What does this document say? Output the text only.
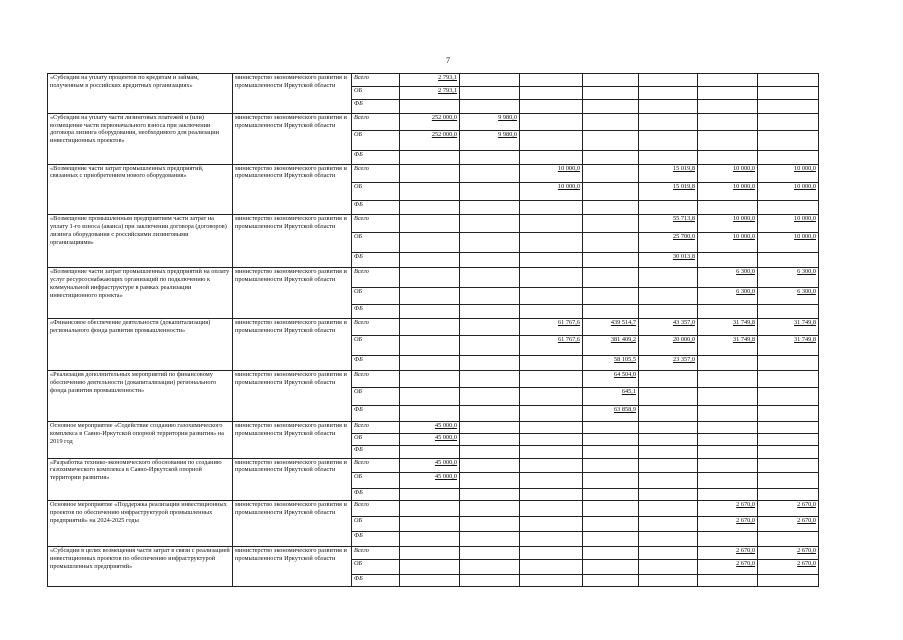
7
«Субсидии на уплату процентов по кредитам и займам, полученным в российских кредитных организациях»	министерство экономического развития и промышленности Иркутской области	Всего	2 793,1						
		ОБ	2 793,1						
		ФБ							
«Субсидии на уплату части лизинговых платежей и (или) возмещение части первоначального взноса при заключении договора лизинга оборудования, необходимого для реализации инвестиционных проектов»	министерство экономического развития и промышленности Иркутской области	Всего	252 000,0	9 980,0					
		ОБ	252 000,0	9 980,0					
		ФБ							
«Возмещение части затрат промышленных предприятий, связанных с приобретением нового оборудования»	министерство экономического развития и промышленности Иркутской области	Всего			10 000,0		15 019,8	10 000,0	10 000,0
		ОБ			10 000,0		15 019,8	10 000,0	10 000,0
		ФБ							
«Возмещение промышленным предприятиям части затрат на уплату 1-го взноса (аванса) при заключении договора (договоров) лизинга оборудования с российскими лизинговыми организациями»	министерство экономического развития и промышленности Иркутской области	Всего					55 713,8	10 000,0	10 000,0
		ОБ					25 700,0	10 000,0	10 000,0
		ФБ					30 013,8		
«Возмещение части затрат промышленных предприятий на оплату услуг ресурсоснабжающих организаций по подключению к коммунальной инфраструктуре в рамках реализации инвестиционного проекта»	министерство экономического развития и промышленности Иркутской области	Всего						6 300,0	6 300,0
		ОБ						6 300,0	6 300,0
		ФБ							
«Финансовое обеспечение деятельности (докапитализация) регионального фонда развития промышленности»	министерство экономического развития и промышленности Иркутской области	Всего			61 767,6	439 514,7	43 357,0	31 749,8	31 749,8
		ОБ			61 767,6	381 409,2	20 000,0	31 749,8	31 749,8
		ФБ				58 105,5	23 357,0		
«Реализация дополнительных мероприятий по финансовому обеспечению деятельности (докапитализации) регионального фонда развития промышленности»	министерство экономического развития и промышленности Иркутской области	Всего				64 504,0			
		ОБ				645,1			
		ФБ				63 858,9			
Основное мероприятие «Содействие созданию газохимического комплекса в Саяно-Иркутской опорной территории развития» на 2019 год	министерство экономического развития и промышленности Иркутской области	Всего	45 000,0						
		ОБ	45 000,0						
		ФБ							
«Разработка технико-экономического обоснования по созданию газохимического комплекса в Саяно-Иркутской опорной территории развития»	министерство экономического развития и промышленности Иркутской области	Всего	45 000,0						
		ОБ	45 000,0						
		ФБ							
Основное мероприятие «Поддержка реализации инвестиционных проектов по обеспечению инфраструктурой промышленных предприятий» на 2024-2025 годы	министерство экономического развития и промышленности Иркутской области	Всего						2 670,0	2 670,0
		ОБ						2 670,0	2 670,0
		ФБ							
«Субсидии в целях возмещения части затрат в связи с реализацией инвестиционных проектов по обеспечению инфраструктурой промышленных предприятий»	министерство экономического развития и промышленности Иркутской области	Всего						2 670,0	2 670,0
		ОБ						2 670,0	2 670,0
		ФБ							
